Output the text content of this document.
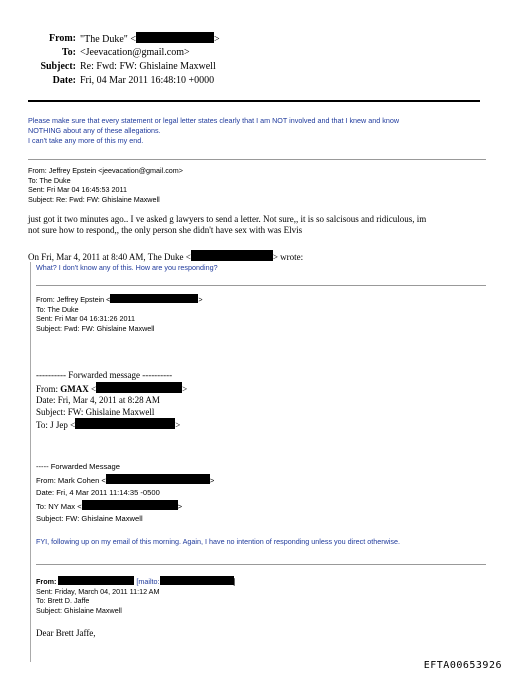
From: "The Duke" <	>
To: <Jeevacation@gmail.com>
Subject: Re: Fwd: FW: Ghislaine Maxwell
Date: Fri, 04 Mar 2011 16:48:10 +0000
Please make sure that every statement or legal letter states clearly that I am NOT involved and that I knew and know
NOTHING about any of these allegations.
I can't take any more of this my end.
From: Jeffrey Epstein <jeevacation@gmail.com>
To: The Duke
Sent: Fri Mar 04 16:45:53 2011
Subject: Re: Fwd: FW: Ghislaine Maxwell
just got it two minutes ago.. I ve asked g lawyers to send a letter. Not sure,, it is so salcisous and ridiculous, im
not sure how to respond,, the only person she didn't have sex with was Elvis
On Fri, Mar 4, 2011 at 8:40 AM, The Duke <	> wrote:
What? I don't know any of this. How are you responding?
From: Jeffrey Epstein <	>
To: The Duke
Sent: Fri Mar 04 16:31:26 2011
Subject: Fwd: FW: Ghislaine Maxwell
---------- Forwarded message ----------
From: GMAX <	>
Date: Fri, Mar 4, 2011 at 8:28 AM
Subject: FW: Ghislaine Maxwell
To: J Jep <	>
----- Forwarded Message
From: Mark Cohen <	>
Date: Fri, 4 Mar 2011 11:14:35 -0500
To: NY Max <	>
Subject: FW: Ghislaine Maxwell
FYI, following up on my email of this morning. Again, I have no intention of responding unless you direct otherwise.
From:	[mailto:	]
Sent: Friday, March 04, 2011 11:12 AM
To: Brett D. Jaffe
Subject: Ghislaine Maxwell
Dear Brett Jaffe,
EFTA00653926
